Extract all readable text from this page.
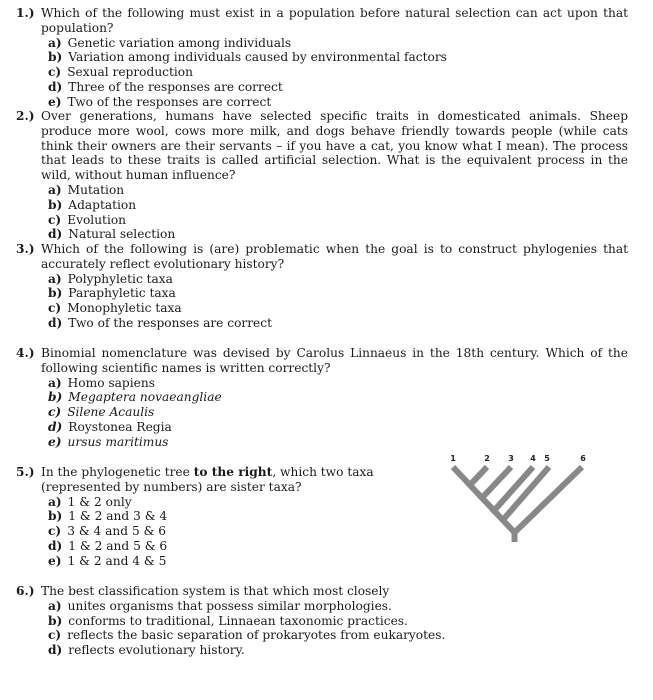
1.) Which of the following must exist in a population before natural selection can act upon that population?
a) Genetic variation among individuals
b) Variation among individuals caused by environmental factors
c) Sexual reproduction
d) Three of the responses are correct
e) Two of the responses are correct
2.) Over generations, humans have selected specific traits in domesticated animals. Sheep produce more wool, cows more milk, and dogs behave friendly towards people (while cats think their owners are their servants – if you have a cat, you know what I mean). The process that leads to these traits is called artificial selection. What is the equivalent process in the wild, without human influence?
a) Mutation
b) Adaptation
c) Evolution
d) Natural selection
3.) Which of the following is (are) problematic when the goal is to construct phylogenies that accurately reflect evolutionary history?
a) Polyphyletic taxa
b) Paraphyletic taxa
c) Monophyletic taxa
d) Two of the responses are correct
4.) Binomial nomenclature was devised by Carolus Linnaeus in the 18th century. Which of the following scientific names is written correctly?
a) Homo sapiens
b) Megaptera novaeangliae
c) Silene Acaulis
d) Roystonea Regia
e) ursus maritimus
5.) In the phylogenetic tree to the right, which two taxa (represented by numbers) are sister taxa?
a) 1 & 2 only
b) 1 & 2 and 3 & 4
c) 3 & 4 and 5 & 6
d) 1 & 2 and 5 & 6
e) 1 & 2 and 4 & 5
1	2 3 4 5	6
6.) The best classification system is that which most closely
a) unites organisms that possess similar morphologies.
b) conforms to traditional, Linnaean taxonomic practices.
c) reflects the basic separation of prokaryotes from eukaryotes.
d) reflects evolutionary history.
